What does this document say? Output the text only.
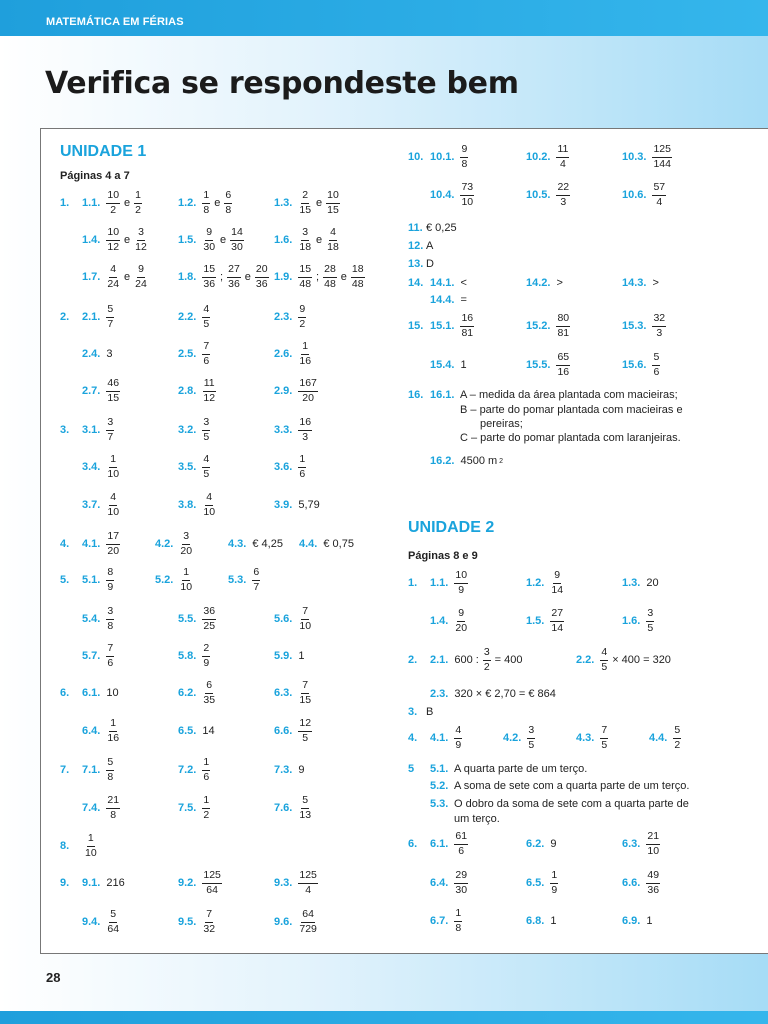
MATEMÁTICA EM FÉRIAS
Verifica se respondeste bem
UNIDADE 1
Páginas 4 a 7
1. 1.1. $\frac{10}{2}$ e $\frac{1}{2}$	1.2. $\frac{1}{8}$ e $\frac{6}{8}$	1.3. $\frac{2}{15}$ e $\frac{10}{15}$
1.4. $\frac{10}{12}$ e $\frac{3}{12}$	1.5. $\frac{9}{30}$ e $\frac{14}{30}$	1.6. $\frac{3}{18}$ e $\frac{4}{18}$
1.7. $\frac{4}{24}$ e $\frac{9}{24}$	1.8. $\frac{15}{36}$ ; $\frac{27}{36}$ e $\frac{20}{36} 1.9$. $\frac{15}{48}$ ; $\frac{28}{48}$ e $\frac{18}{48}$
2. 2.1. $\frac{5}{7}$	2.2. $\frac{4}{5}$	2.3. $\frac{9}{2}$
2.4. 3	2.5. $\frac{7}{6}$	2.6. $\frac{1}{16}$
2.7. $\frac{46}{15}$	2.8. $\frac{11}{12}$	2.9. $\frac{167}{20}$
3. 3.1. $\frac{3}{7}$	3.2. $\frac{3}{5}$	3.3. $\frac{16}{3}$
3.4. $\frac{1}{10}$	3.5. $\frac{4}{5}$	3.6. $\frac{1}{6}$
3.7. $\frac{4}{10}$	3.8. $\frac{4}{10}$	3.9. 5,79
4. 4.1. $\frac{17}{20}$	4.2. $\frac{3}{20}$	4.3. € 4,25 4.4. € 0,75
5. 5.1. $\frac{8}{9}$	5.2. $\frac{1}{10}$	5.3. $\frac{6}{7}$
5.4. $\frac{3}{8}$	5.5. $\frac{36}{25}$	5.6. $\frac{7}{10}$
5.7. $\frac{7}{6}$	5.8. $\frac{2}{9}$	5.9. 1
6. 6.1. 10	6.2. $\frac{6}{35}$	6.3. $\frac{7}{15}$
6.4. $\frac{1}{16}$	6.5. 14	6.6. $\frac{12}{5}$
7. 7.1. $\frac{5}{8}$	7.2. $\frac{1}{6}$	7.3. 9
7.4. $\frac{21}{8}$	7.5. $\frac{1}{2}$	7.6. $\frac{5}{13}$
8. $\frac{1}{10}$
9. 9.1. 216	9.2. $\frac{125}{64}$	9.3. $\frac{125}{4}$
9.4. $\frac{5}{64}$	9.5. $\frac{7}{32}$	9.6. $\frac{64}{729}$
10. 10.1. $\frac{9}{8}$	10.2. $\frac{11}{4}$	10.3. $\frac{125}{144}$
10.4. $\frac{73}{10}$	10.5. $\frac{22}{3}$	10.6. $\frac{57}{4}$
11. € 0,25
12. A
13. D
14. 14.1. <	14.2. >	14.3. >
14.4. =
15. 15.1. $\frac{16}{81}$	15.2. $\frac{80}{81}$	15.3. $\frac{32}{3}$
15.4. 1	15.5. $\frac{65}{16}$	15.6. $\frac{5}{6}$
16. 16.1. A – medida da área plantada com macieiras;
B – parte do pomar plantada com macieiras e
pereiras;
C – parte do pomar plantada com laranjeiras.
16.2. 4500 m 2
UNIDADE 2
Páginas 8 e 9
1. 1.1. $\frac{10}{9}$	1.2. $\frac{9}{14}$	1.3. 20
1.4. $\frac{9}{20}$	1.5. $\frac{27}{14}$	1.6. $\frac{3}{5}$
2. 2.1. 600 : $\frac{3}{2} = 400$	2.2. $\frac{4}{5} \times 400 = 320$
2.3. 320 × € 2,70 = € 864
3. B
4. 4.1. $\frac{4}{9}$	4.2. $\frac{3}{5}$	4.3. $\frac{7}{5}$	4.4. $\frac{5}{2}$
5 5.1. A quarta parte de um terço.
5.2. A soma de sete com a quarta parte de um terço.
5.3. O dobro da soma de sete com a quarta parte de
um terço.
6. 6.1. $\frac{61}{6}$	6.2. 9	6.3. $\frac{21}{10}$
6.4. $\frac{29}{30}$	6.5. $\frac{1}{9}$	6.6. $\frac{49}{36}$
6.7. $\frac{1}{8}$	6.8. 1	6.9. 1
28
